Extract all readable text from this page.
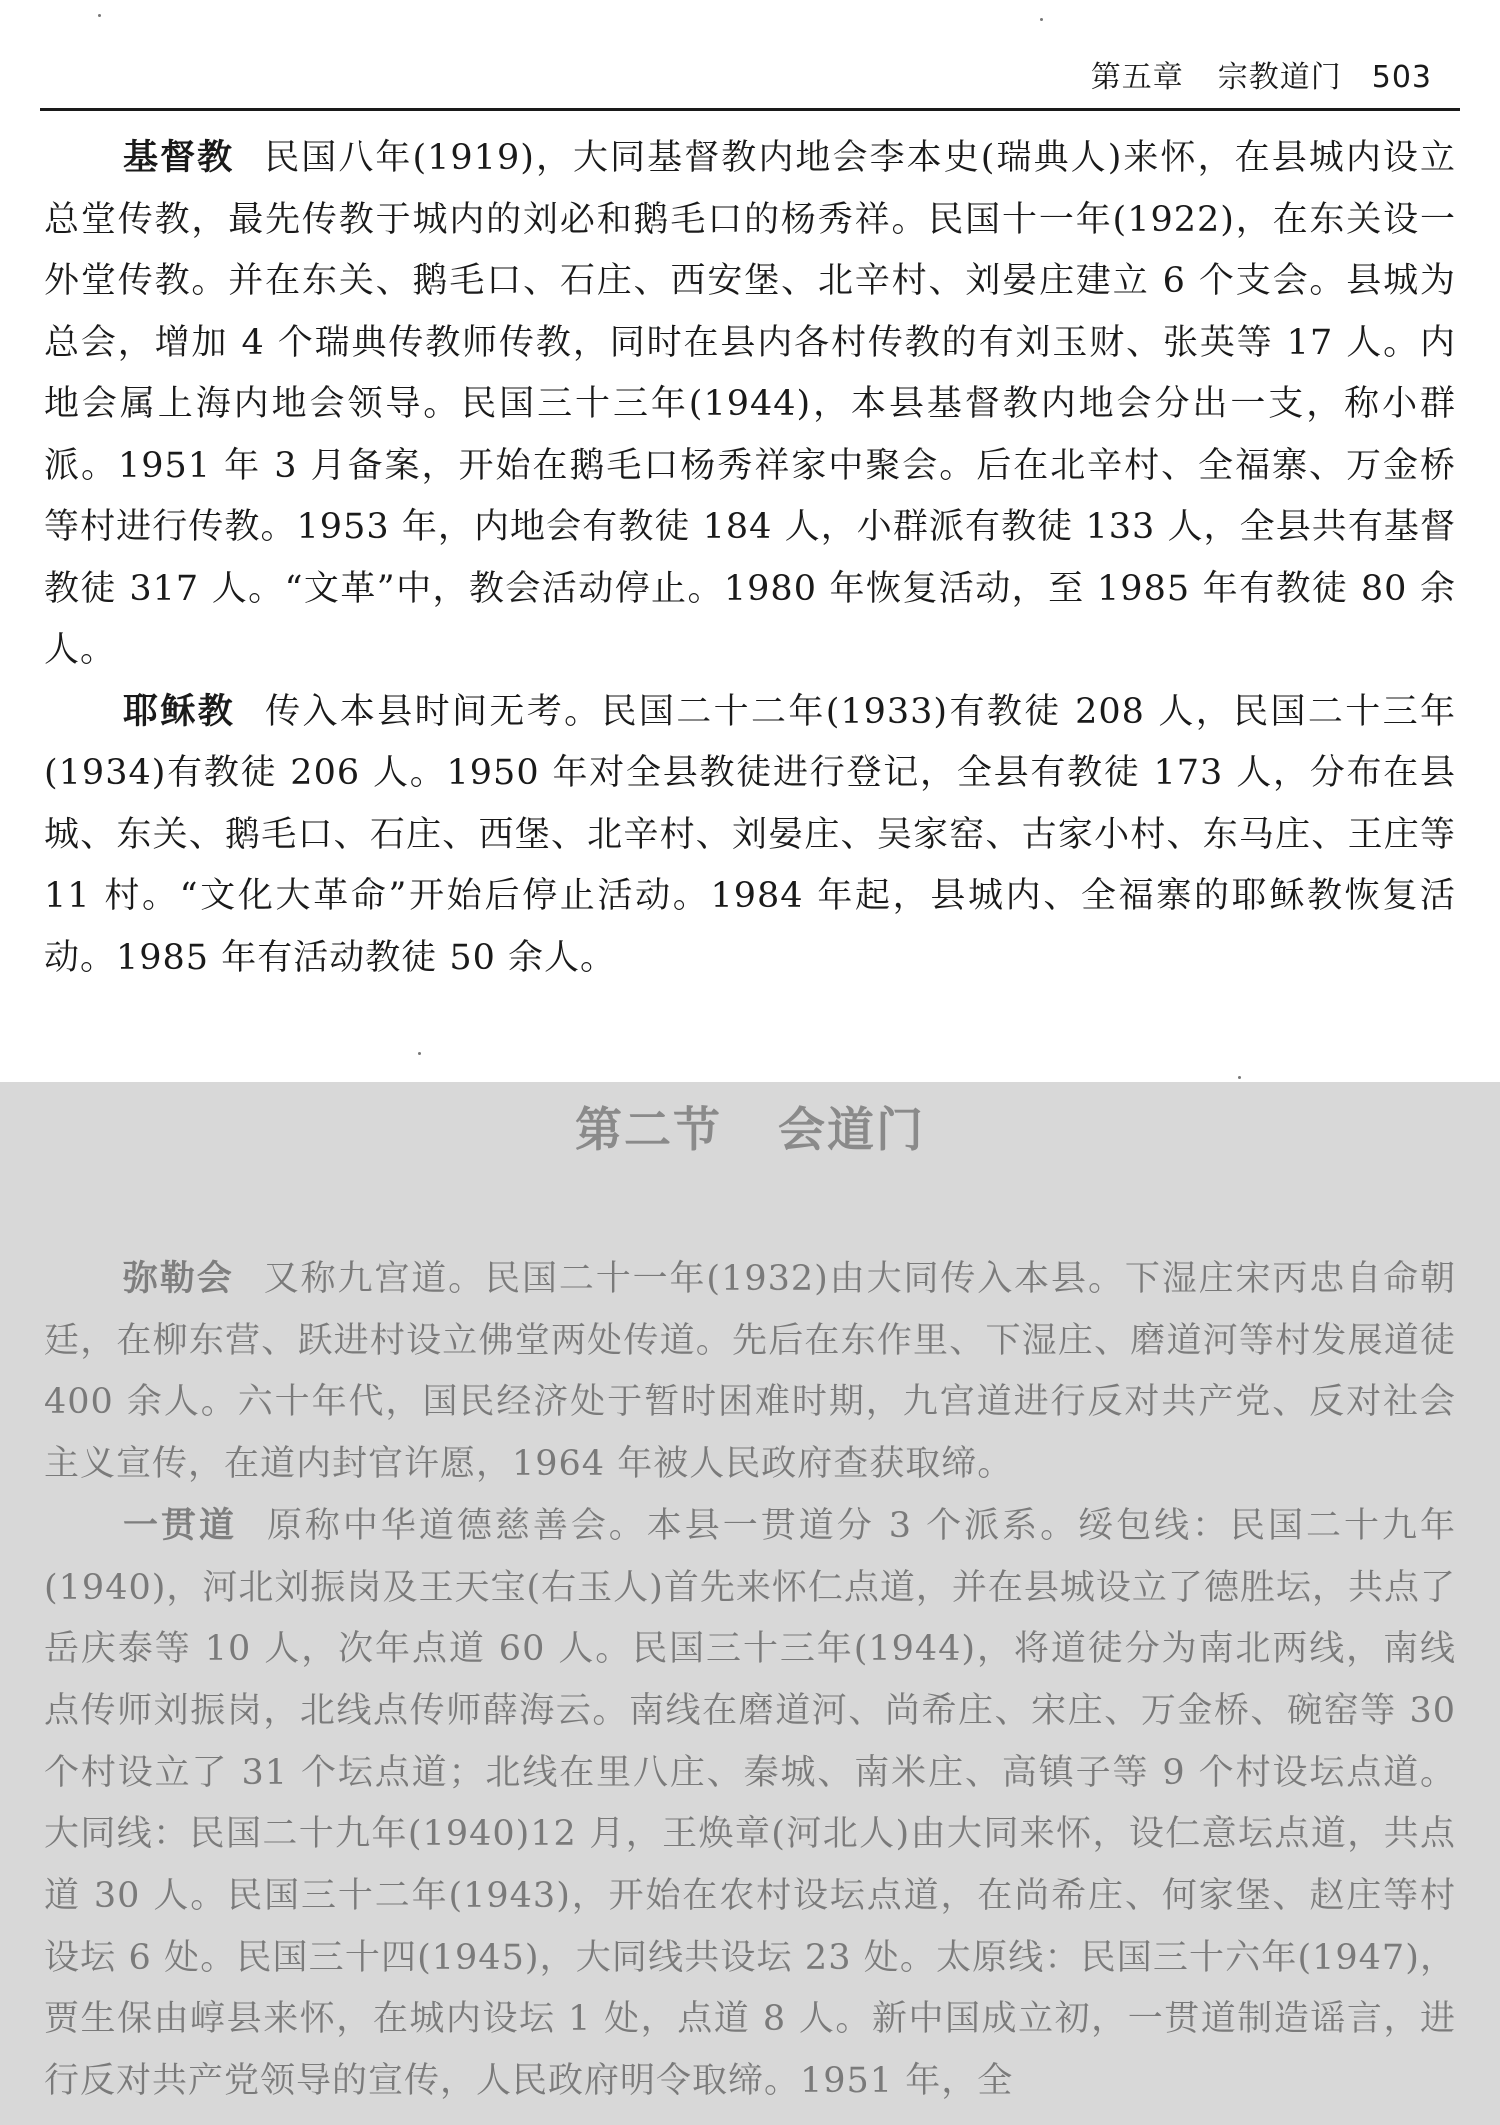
第五章 宗教道门 503

基督教 民国八年(1919)，大同基督教内地会李本史(瑞典人)来怀，在县城内设立总堂传教，最先传教于城内的刘必和鹅毛口的杨秀祥。民国十一年(1922)，在东关设一外堂传教。并在东关、鹅毛口、石庄、西安堡、北辛村、刘晏庄建立 6 个支会。县城为总会，增加 4 个瑞典传教师传教，同时在县内各村传教的有刘玉财、张英等 17 人。内地会属上海内地会领导。民国三十三年(1944)，本县基督教内地会分出一支，称小群派。1951 年 3 月备案，开始在鹅毛口杨秀祥家中聚会。后在北辛村、全福寨、万金桥等村进行传教。1953 年，内地会有教徒 184 人，小群派有教徒 133 人，全县共有基督教徒 317 人。“文革”中，教会活动停止。1980 年恢复活动，至 1985 年有教徒 80 余人。

耶稣教 传入本县时间无考。民国二十二年(1933)有教徒 208 人，民国二十三年(1934)有教徒 206 人。1950 年对全县教徒进行登记，全县有教徒 173 人，分布在县城、东关、鹅毛口、石庄、西堡、北辛村、刘晏庄、吴家窑、古家小村、东马庄、王庄等 11 村。“文化大革命”开始后停止活动。1984 年起，县城内、全福寨的耶稣教恢复活动。1985 年有活动教徒 50 余人。

第二节 会道门

弥勒会 又称九宫道。民国二十一年(1932)由大同传入本县。下湿庄宋丙忠自命朝廷，在柳东营、跃进村设立佛堂两处传道。先后在东作里、下湿庄、磨道河等村发展道徒 400 余人。六十年代，国民经济处于暂时困难时期，九宫道进行反对共产党、反对社会主义宣传，在道内封官许愿，1964 年被人民政府查获取缔。

一贯道 原称中华道德慈善会。本县一贯道分 3 个派系。绥包线：民国二十九年(1940)，河北刘振岗及王天宝(右玉人)首先来怀仁点道，并在县城设立了德胜坛，共点了岳庆泰等 10 人，次年点道 60 人。民国三十三年(1944)，将道徒分为南北两线，南线点传师刘振岗，北线点传师薛海云。南线在磨道河、尚希庄、宋庄、万金桥、碗窑等 30 个村设立了 31 个坛点道；北线在里八庄、秦城、南米庄、高镇子等 9 个村设坛点道。大同线：民国二十九年(1940)12 月，王焕章(河北人)由大同来怀，设仁意坛点道，共点道 30 人。民国三十二年(1943)，开始在农村设坛点道，在尚希庄、何家堡、赵庄等村设坛 6 处。民国三十四(1945)，大同线共设坛 23 处。太原线：民国三十六年(1947)，贾生保由崞县来怀，在城内设坛 1 处，点道 8 人。新中国成立初，一贯道制造谣言，进行反对共产党领导的宣传，人民政府明令取缔。1951 年，全
